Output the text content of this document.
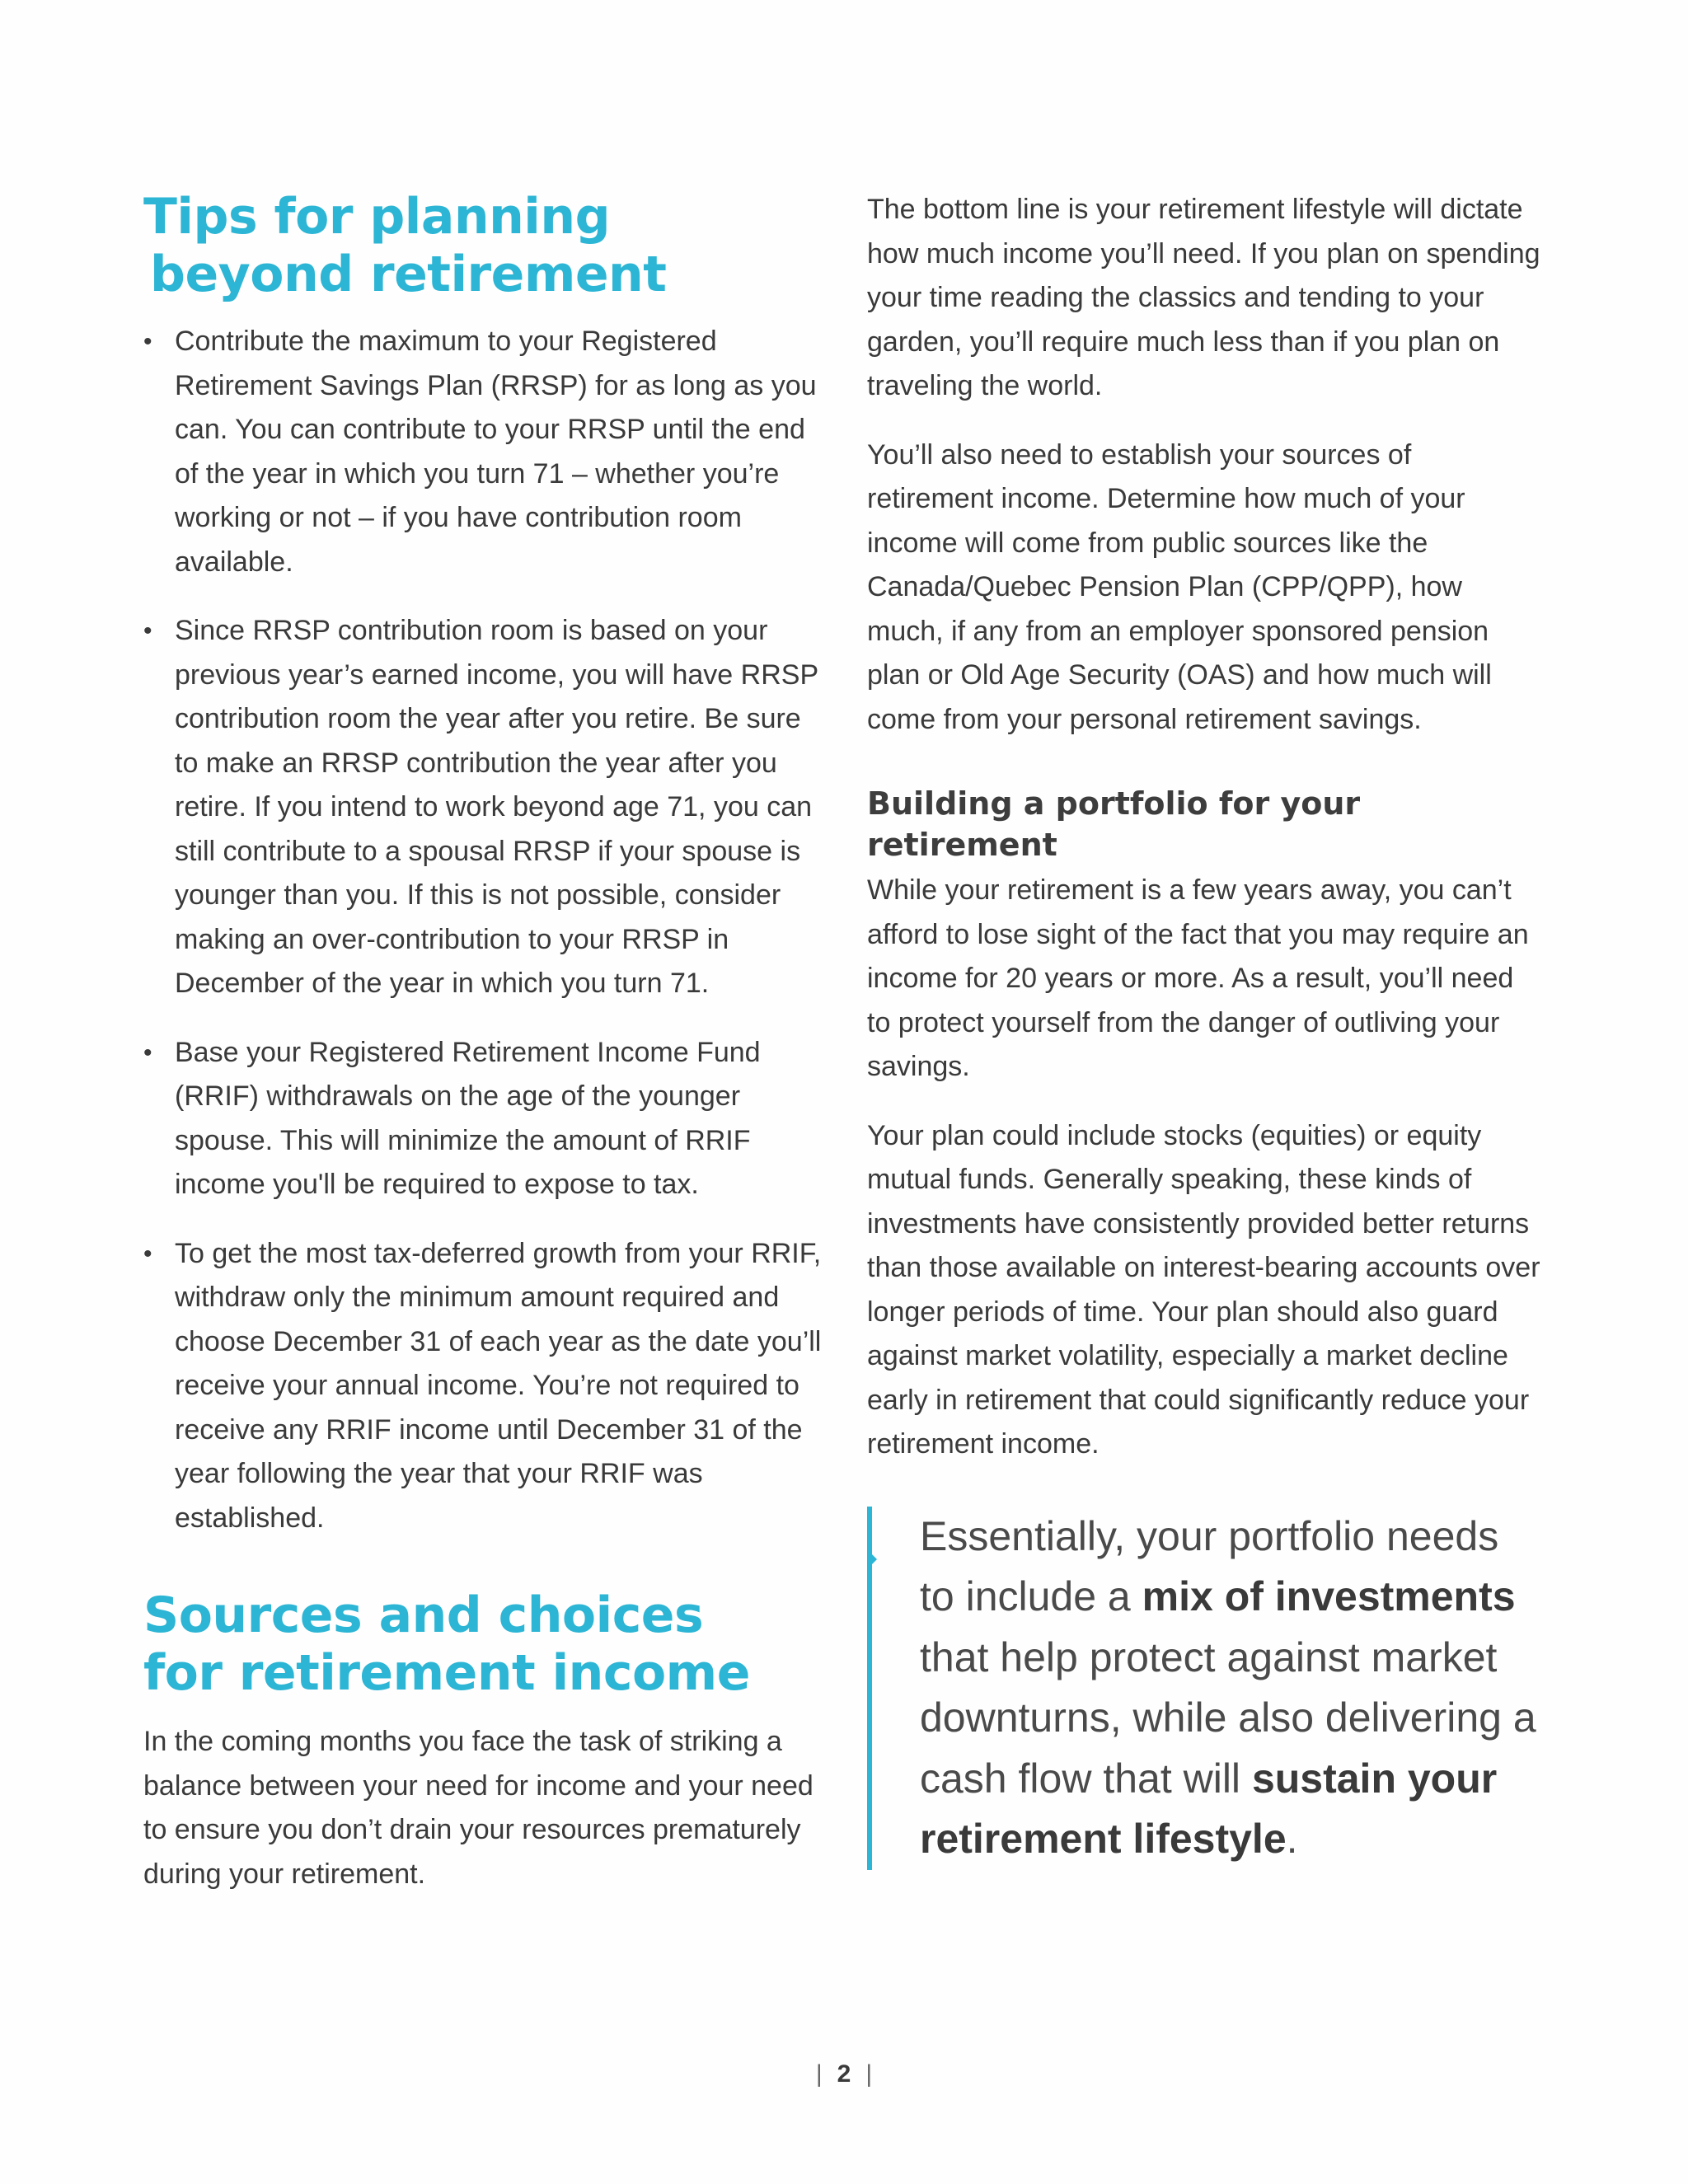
Tips for planning
beyond retirement
• Contribute the maximum to your Registered Retirement Savings Plan (RRSP) for as long as you can. You can contribute to your RRSP until the end of the year in which you turn 71 – whether you’re working or not – if you have contribution room available.
• Since RRSP contribution room is based on your previous year’s earned income, you will have RRSP contribution room the year after you retire. Be sure to make an RRSP contribution the year after you retire. If you intend to work beyond age 71, you can still contribute to a spousal RRSP if your spouse is younger than you. If this is not possible, consider making an over-contribution to your RRSP in December of the year in which you turn 71.
• Base your Registered Retirement Income Fund (RRIF) withdrawals on the age of the younger spouse. This will minimize the amount of RRIF income you'll be required to expose to tax.
• To get the most tax-deferred growth from your RRIF, withdraw only the minimum amount required and choose December 31 of each year as the date you’ll receive your annual income. You’re not required to receive any RRIF income until December 31 of the year following the year that your RRIF was established.
Sources and choices
for retirement income

In the coming months you face the task of striking a balance between your need for income and your need to ensure you don’t drain your resources prematurely during your retirement.

The bottom line is your retirement lifestyle will dictate how much income you’ll need. If you plan on spending your time reading the classics and tending to your garden, you’ll require much less than if you plan on traveling the world.

You’ll also need to establish your sources of retirement income. Determine how much of your income will come from public sources like the Canada/Quebec Pension Plan (CPP/QPP), how much, if any from an employer sponsored pension plan or Old Age Security (OAS) and how much will come from your personal retirement savings.

Building a portfolio for your retirement

While your retirement is a few years away, you can’t afford to lose sight of the fact that you may require an income for 20 years or more. As a result, you’ll need to protect yourself from the danger of outliving your savings.

Your plan could include stocks (equities) or equity mutual funds. Generally speaking, these kinds of investments have consistently provided better returns than those available on interest-bearing accounts over longer periods of time. Your plan should also guard against market volatility, especially a market decline early in retirement that could significantly reduce your retirement income.

Essentially, your portfolio needs to include a mix of investments that help protect against market downturns, while also delivering a cash flow that will sustain your retirement lifestyle.

| 2 |
